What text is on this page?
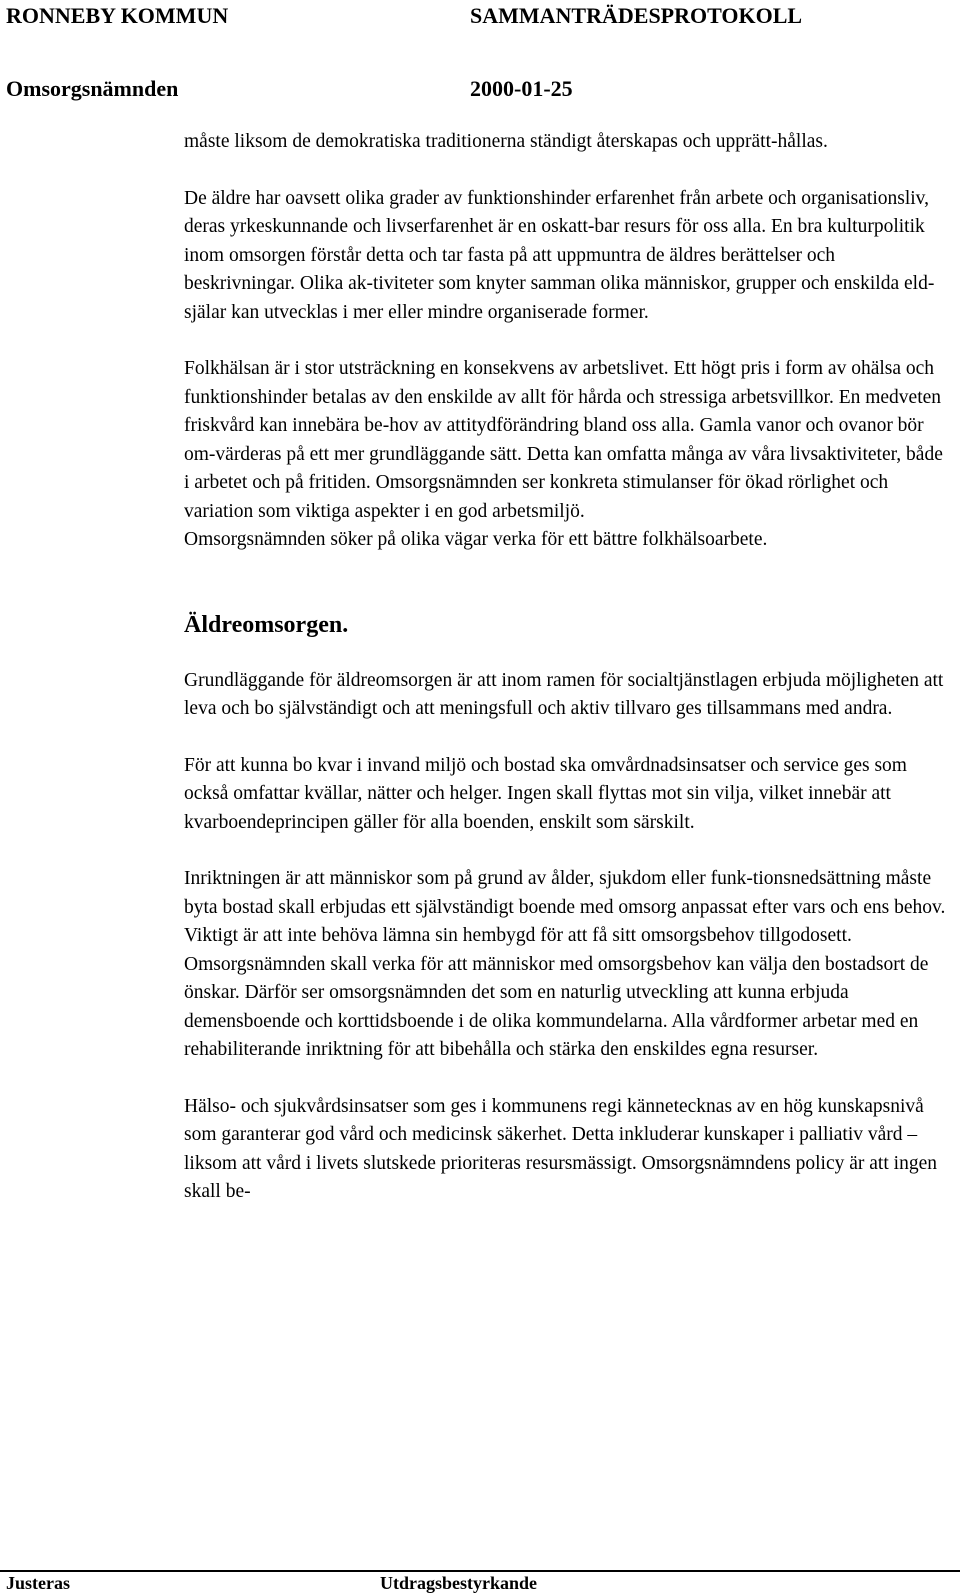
RONNEBY KOMMUN	SAMMANTRÄDESPROTOKOLL
Omsorgsnämnden	2000-01-25

måste liksom de demokratiska traditionerna ständigt återskapas och upprätt-hållas.

De äldre har oavsett olika grader av funktionshinder erfarenhet från arbete och organisationsliv, deras yrkeskunnande och livserfarenhet är en oskatt-bar resurs för oss alla. En bra kulturpolitik inom omsorgen förstår detta och tar fasta på att uppmuntra de äldres berättelser och beskrivningar. Olika ak-tiviteter som knyter samman olika människor, grupper och enskilda eld-själar kan utvecklas i mer eller mindre organiserade former.

Folkhälsan är i stor utsträckning en konsekvens av arbetslivet. Ett högt pris i form av ohälsa och funktionshinder betalas av den enskilde av allt för hårda och stressiga arbetsvillkor. En medveten friskvård kan innebära be-hov av attitydförändring bland oss alla. Gamla vanor och ovanor bör om-värderas på ett mer grundläggande sätt. Detta kan omfatta många av våra livsaktiviteter, både i arbetet och på fritiden. Omsorgsnämnden ser konkreta stimulanser för ökad rörlighet och variation som viktiga aspekter i en god arbetsmiljö.

Omsorgsnämnden söker på olika vägar verka för ett bättre folkhälsoarbete.

Äldreomsorgen.

Grundläggande för äldreomsorgen är att inom ramen för socialtjänstlagen erbjuda möjligheten att leva och bo självständigt och att meningsfull och aktiv tillvaro ges tillsammans med andra.

För att kunna bo kvar i invand miljö och bostad ska omvårdnadsinsatser och service ges som också omfattar kvällar, nätter och helger. Ingen skall flyttas mot sin vilja, vilket innebär att kvarboendeprincipen gäller för alla boenden, enskilt som särskilt.

Inriktningen är att människor som på grund av ålder, sjukdom eller funk-tionsnedsättning måste byta bostad skall erbjudas ett självständigt boende med omsorg anpassat efter vars och ens behov.

Viktigt är att inte behöva lämna sin hembygd för att få sitt omsorgsbehov tillgodosett.

Omsorgsnämnden skall verka för att människor med omsorgsbehov kan välja den bostadsort de önskar. Därför ser omsorgsnämnden det som en naturlig utveckling att kunna erbjuda demensboende och korttidsboende i de olika kommundelarna. Alla vårdformer arbetar med en rehabiliterande inriktning för att bibehålla och stärka den enskildes egna resurser.

Hälso- och sjukvårdsinsatser som ges i kommunens regi kännetecknas av en hög kunskapsnivå som garanterar god vård och medicinsk säkerhet. Detta inkluderar kunskaper i palliativ vård – liksom att vård i livets slutskede prioriteras resursmässigt. Omsorgsnämndens policy är att ingen skall be-

Justeras	Utdragsbestyrkande
